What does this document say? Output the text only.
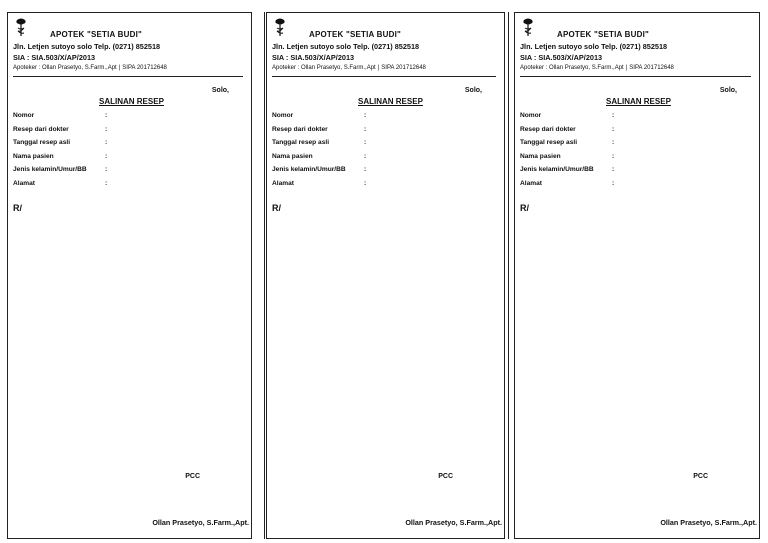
APOTEK "SETIA BUDI"
Jln. Letjen sutoyo solo Telp. (0271) 852518
SIA : SIA.503/X/AP/2013
Apoteker : Ollan Prasetyo, S.Farm.,Apt | SIPA 201712648
Solo,
SALINAN RESEP
Nomor	:
Resep dari dokter	:
Tanggal resep asli	:
Nama pasien	:
Jenis kelamin/Umur/BB	:
Alamat	:
R/
PCC
Ollan Prasetyo, S.Farm.,Apt.
APOTEK "SETIA BUDI"
Jln. Letjen sutoyo solo Telp. (0271) 852518
SIA : SIA.503/X/AP/2013
Apoteker : Ollan Prasetyo, S.Farm.,Apt | SIPA 201712648
Solo,
SALINAN RESEP
Nomor	:
Resep dari dokter	:
Tanggal resep asli	:
Nama pasien	:
Jenis kelamin/Umur/BB	:
Alamat	:
R/
PCC
Ollan Prasetyo, S.Farm.,Apt.
APOTEK "SETIA BUDI"
Jln. Letjen sutoyo solo Telp. (0271) 852518
SIA : SIA.503/X/AP/2013
Apoteker : Ollan Prasetyo, S.Farm.,Apt | SIPA 201712648
Solo,
SALINAN RESEP
Nomor	:
Resep dari dokter	:
Tanggal resep asli	:
Nama pasien	:
Jenis kelamin/Umur/BB	:
Alamat	:
R/
PCC
Ollan Prasetyo, S.Farm.,Apt.
